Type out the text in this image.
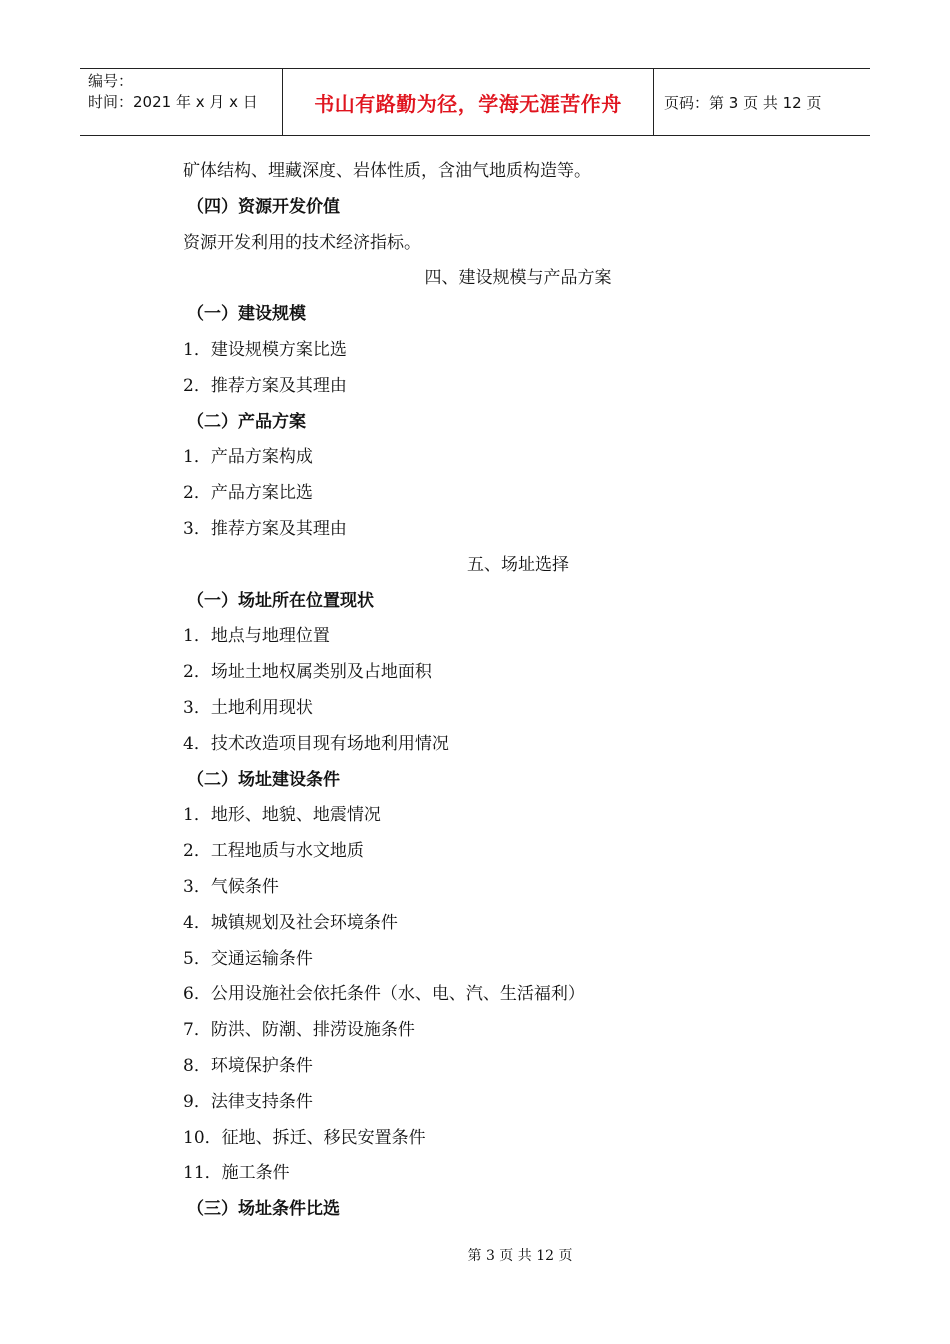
编号：
时间：2021 年 x 月 x 日	书山有路勤为径，学海无涯苦作舟	页码：第 3 页 共 12 页
矿体结构、埋藏深度、岩体性质，含油气地质构造等。
（四）资源开发价值
资源开发利用的技术经济指标。
四、建设规模与产品方案
（一）建设规模
1．建设规模方案比选
2．推荐方案及其理由
（二）产品方案
1．产品方案构成
2．产品方案比选
3．推荐方案及其理由
五、场址选择
（一）场址所在位置现状
1．地点与地理位置
2．场址土地权属类别及占地面积
3．土地利用现状
4．技术改造项目现有场地利用情况
（二）场址建设条件
1．地形、地貌、地震情况
2．工程地质与水文地质
3．气候条件
4．城镇规划及社会环境条件
5．交通运输条件
6．公用设施社会依托条件（水、电、汽、生活福利）
7．防洪、防潮、排涝设施条件
8．环境保护条件
9．法律支持条件
10．征地、拆迁、移民安置条件
11．施工条件
（三）场址条件比选
第 3 页 共 12 页
